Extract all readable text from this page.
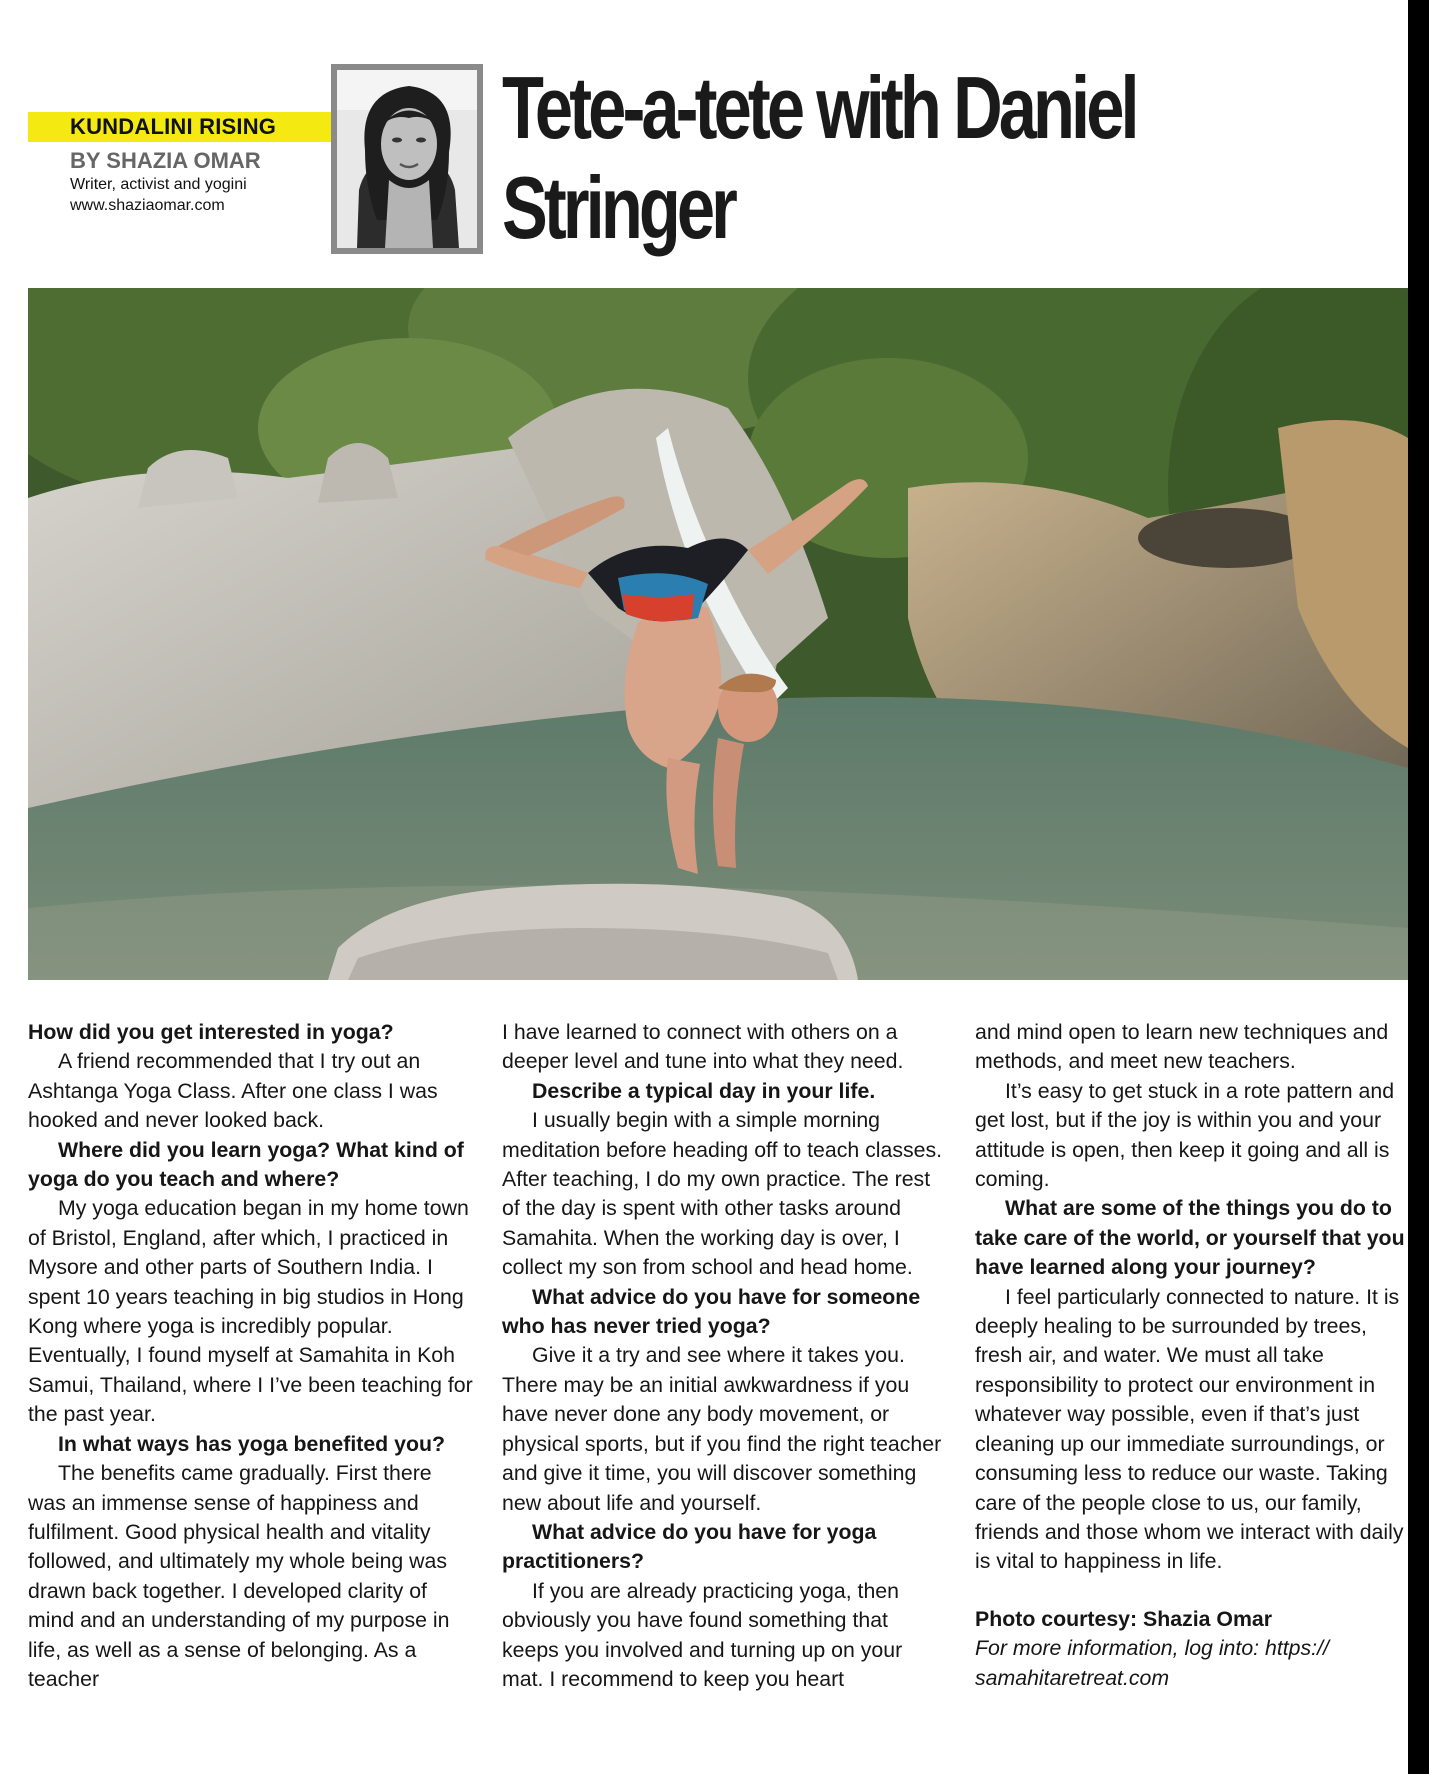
KUNDALINI RISING
BY SHAZIA OMAR
Writer, activist and yogini
www.shaziaomar.com
Tete-a-tete with Daniel
Stringer

How did you get interested in yoga?

A friend recommended that I try out an Ashtanga Yoga Class. After one class I was hooked and never looked back.

Where did you learn yoga? What kind of yoga do you teach and where?

My yoga education began in my home town of Bristol, England, after which, I practiced in Mysore and other parts of Southern India. I spent 10 years teaching in big studios in Hong Kong where yoga is incredibly popular. Eventually, I found myself at Samahita in Koh Samui, Thailand, where I I’ve been teaching for the past year.

In what ways has yoga benefited you?

The benefits came gradually. First there was an immense sense of happiness and fulfilment. Good physical health and vitality followed, and ultimately my whole being was drawn back together. I developed clarity of mind and an understanding of my purpose in life, as well as a sense of belonging. As a teacher

I have learned to connect with others on a deeper level and tune into what they need.

Describe a typical day in your life.

I usually begin with a simple morning meditation before heading off to teach classes. After teaching, I do my own practice. The rest of the day is spent with other tasks around Samahita. When the working day is over, I collect my son from school and head home.

What advice do you have for someone who has never tried yoga?

Give it a try and see where it takes you. There may be an initial awkwardness if you have never done any body movement, or physical sports, but if you find the right teacher and give it time, you will discover something new about life and yourself.

What advice do you have for yoga practitioners?

If you are already practicing yoga, then obviously you have found something that keeps you involved and turning up on your mat. I recommend to keep you heart

and mind open to learn new techniques and methods, and meet new teachers.

It’s easy to get stuck in a rote pattern and get lost, but if the joy is within you and your attitude is open, then keep it going and all is coming.

What are some of the things you do to take care of the world, or yourself that you have learned along your journey?

I feel particularly connected to nature. It is deeply healing to be surrounded by trees, fresh air, and water. We must all take responsibility to protect our environment in whatever way possible, even if that’s just cleaning up our immediate surroundings, or consuming less to reduce our waste. Taking care of the people close to us, our family, friends and those whom we interact with daily is vital to happiness in life.

Photo courtesy: Shazia Omar

For more information, log into: https:// samahitaretreat.com
